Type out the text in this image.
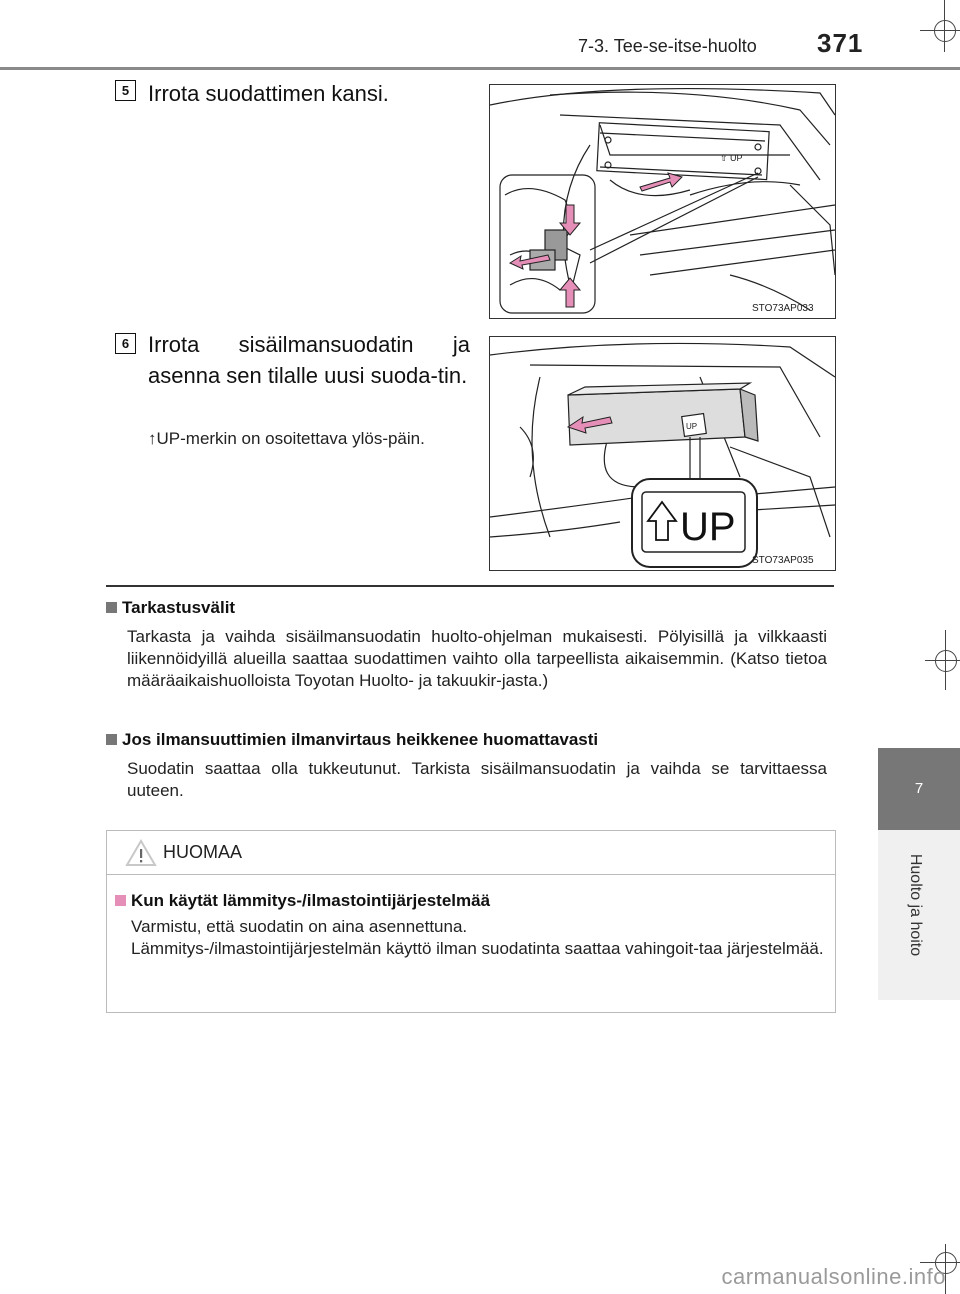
7-3. Tee-se-itse-huolto 371
7
Huolto ja hoito
5 Irrota suodattimen kansi.
⇧ UP
STO73AP033
6 Irrota sisäilmansuodatin ja asenna sen tilalle uusi suoda-tin.
↑UP-merkin on osoitettava ylös-päin.
UP
UP
STO73AP035
Tarkastusvälit
Tarkasta ja vaihda sisäilmansuodatin huolto-ohjelman mukaisesti. Pölyisillä ja vilkkaasti liikennöidyillä alueilla saattaa suodattimen vaihto olla tarpeellista aikaisemmin. (Katso tietoa määräaikaishuolloista Toyotan Huolto- ja takuukir-jasta.)
Jos ilmansuuttimien ilmanvirtaus heikkenee huomattavasti
Suodatin saattaa olla tukkeutunut. Tarkista sisäilmansuodatin ja vaihda se tarvittaessa uuteen.
HUOMAA
Kun käytät lämmitys-/ilmastointijärjestelmää
Varmistu, että suodatin on aina asennettuna.
Lämmitys-/ilmastointijärjestelmän käyttö ilman suodatinta saattaa vahingoit-taa järjestelmää.
carmanualsonline.info
